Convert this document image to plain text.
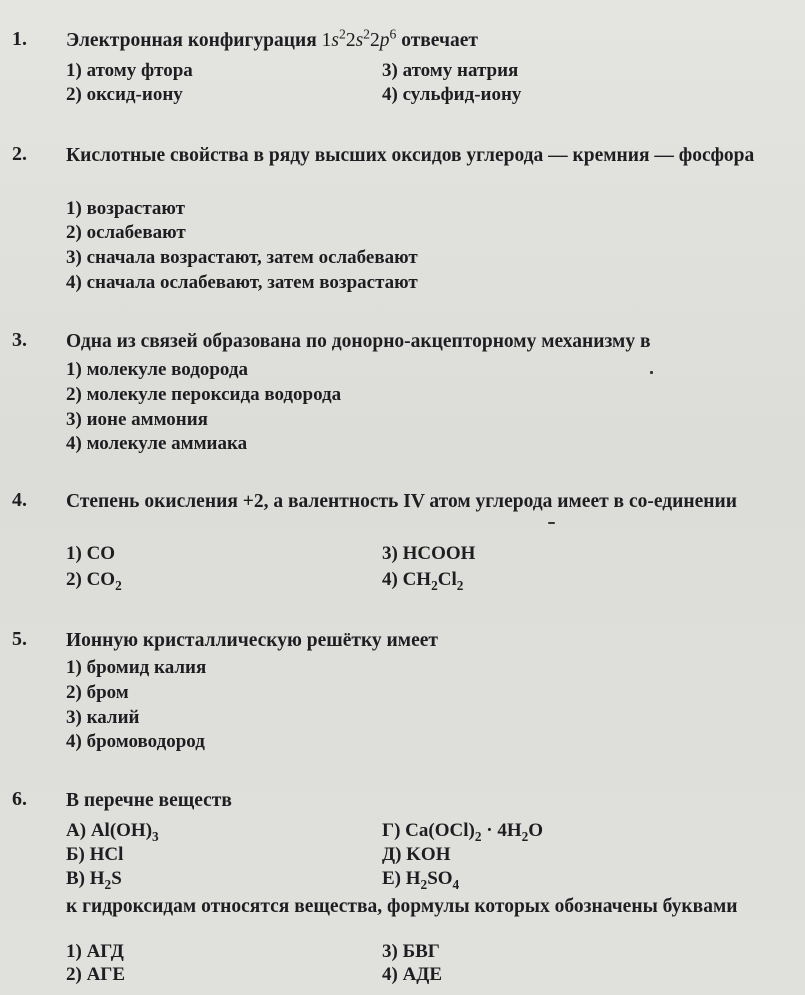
1. Электронная конфигурация $1s^22s^22p^6$ отвечает
1) атому фтора
2) оксид-иону
3) атому натрия
4) сульфид-иону
2. Кислотные свойства в ряду высших оксидов углерода — кремния — фосфора
1) возрастают
2) ослабевают
3) сначала возрастают, затем ослабевают
4) сначала ослабевают, затем возрастают
3. Одна из связей образована по донорно-акцепторному механизму в
1) молекуле водорода
2) молекуле пероксида водорода
3) ионе аммония
4) молекуле аммиака
4. Степень окисления +2, а валентность IV атом углерода имеет в со-единении
1) CO
2) $CO_2$
3) HCOOH
4) $CH_2Cl_2$
5. Ионную кристаллическую решётку имеет
1) бромид калия
2) бром
3) калий
4) бромоводород
6. В перечне веществ
А) $Al(OH)_3$
Б) HCl
В) $H_2S$
Г) $Ca(OCl)_2 \cdot 4H_2O$
Д) KOH
Е) $H_2SO_4$
к гидроксидам относятся вещества, формулы которых обозначены буквами
1) АГД
2) АГЕ
3) БВГ
4) АДЕ
